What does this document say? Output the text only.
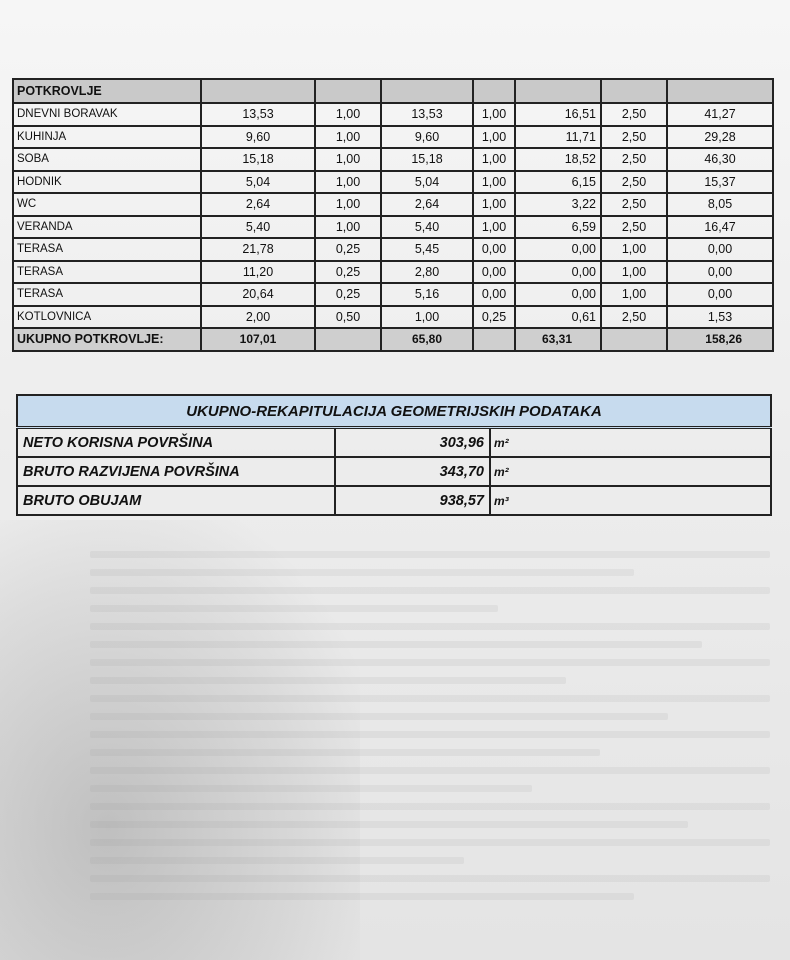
POTKROVLJE							
DNEVNI BORAVAK	13,53	1,00	13,53	1,00	16,51	2,50	41,27
KUHINJA	9,60	1,00	9,60	1,00	11,71	2,50	29,28
SOBA	15,18	1,00	15,18	1,00	18,52	2,50	46,30
HODNIK	5,04	1,00	5,04	1,00	6,15	2,50	15,37
WC	2,64	1,00	2,64	1,00	3,22	2,50	8,05
VERANDA	5,40	1,00	5,40	1,00	6,59	2,50	16,47
TERASA	21,78	0,25	5,45	0,00	0,00	1,00	0,00
TERASA	11,20	0,25	2,80	0,00	0,00	1,00	0,00
TERASA	20,64	0,25	5,16	0,00	0,00	1,00	0,00
KOTLOVNICA	2,00	0,50	1,00	0,25	0,61	2,50	1,53
UKUPNO POTKROVLJE:	107,01		65,80		63,31		158,26
UKUPNO-REKAPITULACIJA GEOMETRIJSKIH PODATAKA		
NETO KORISNA POVRŠINA	303,96	m²
BRUTO RAZVIJENA POVRŠINA	343,70	m²
BRUTO OBUJAM	938,57	m³
